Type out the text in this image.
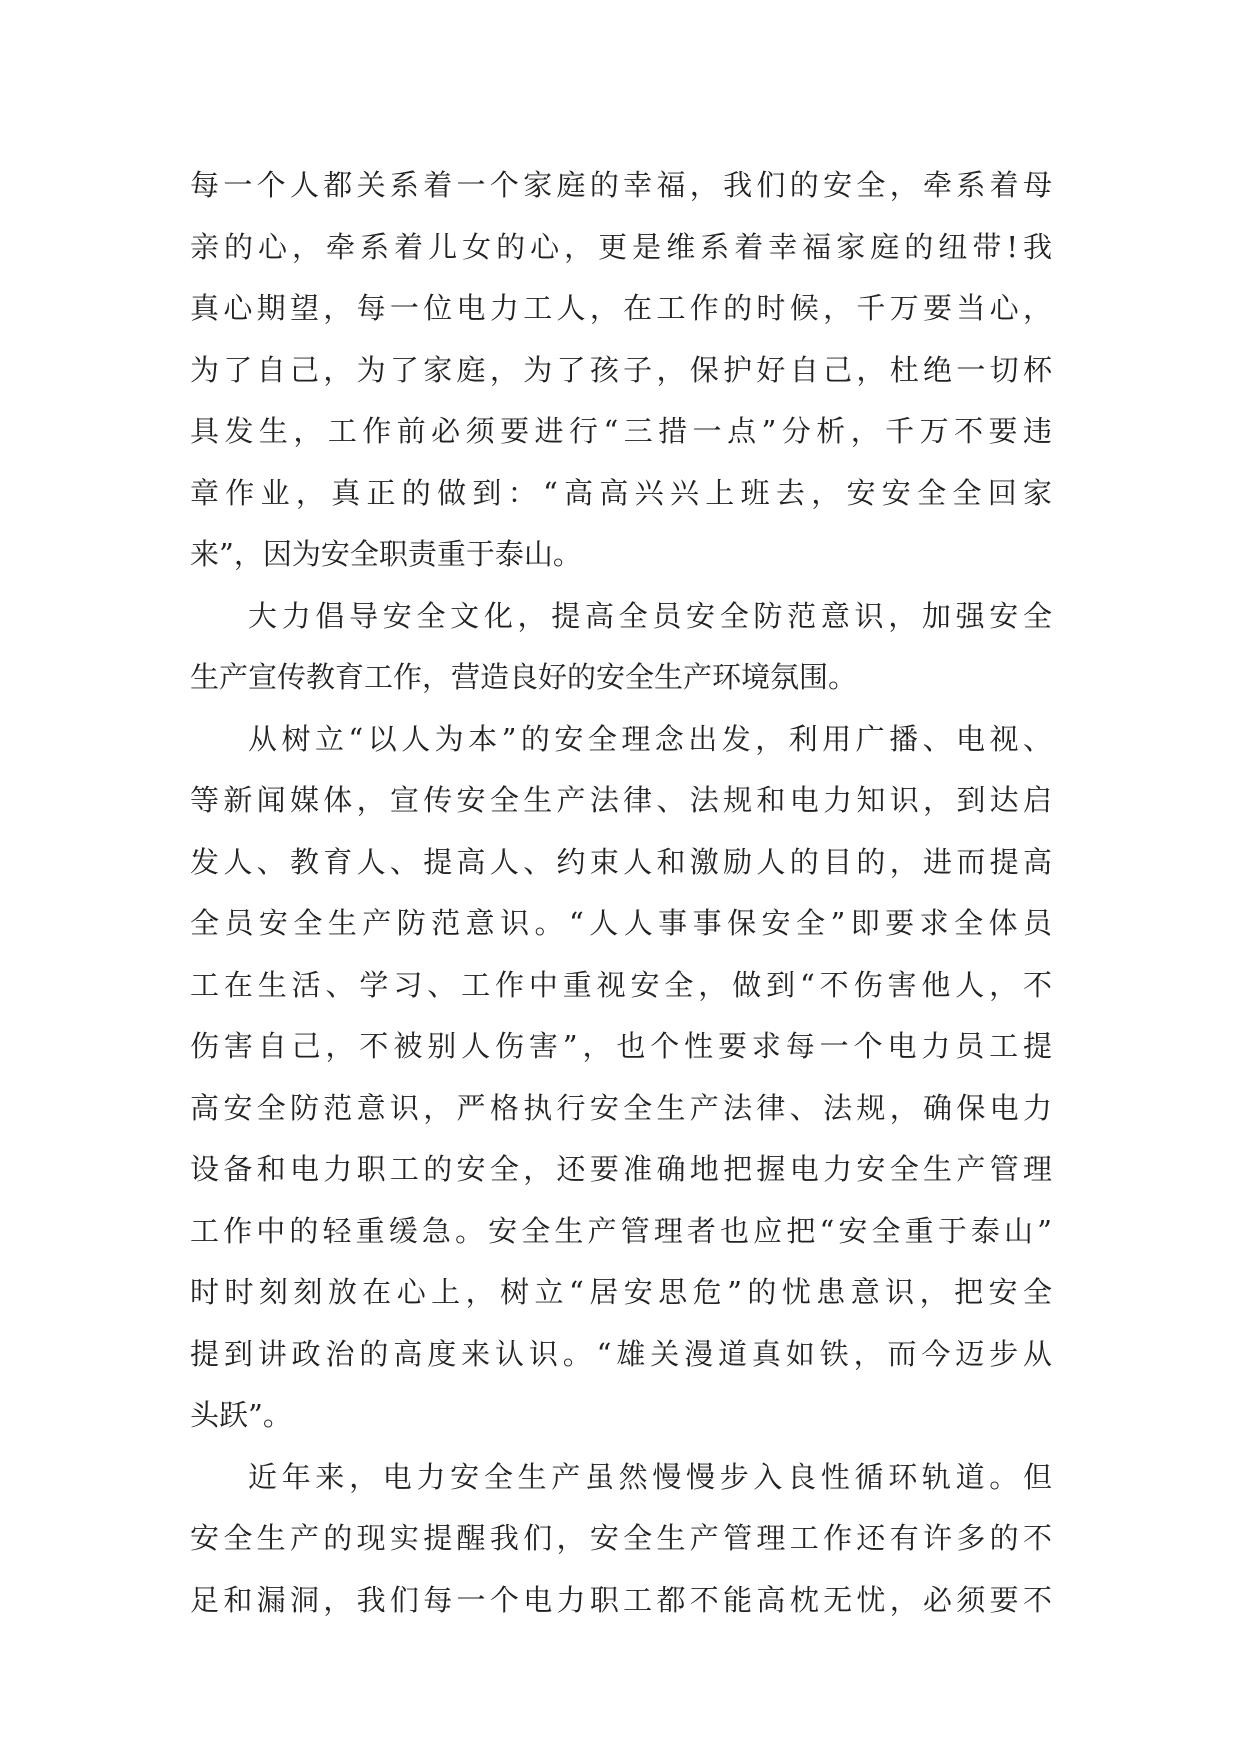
每一个人都关系着一个家庭的幸福，我们的安全，牵系着母
亲的心，牵系着儿女的心，更是维系着幸福家庭的纽带!我
真心期望，每一位电力工人，在工作的时候，千万要当心，
为了自己，为了家庭，为了孩子，保护好自己，杜绝一切杯
具发生，工作前必须要进行“三措一点”分析，千万不要违
章作业，真正的做到：“高高兴兴上班去，安安全全回家
来”，因为安全职责重于泰山。
大力倡导安全文化，提高全员安全防范意识，加强安全
生产宣传教育工作，营造良好的安全生产环境氛围。
从树立“以人为本”的安全理念出发，利用广播、电视、
等新闻媒体，宣传安全生产法律、法规和电力知识，到达启
发人、教育人、提高人、约束人和激励人的目的，进而提高
全员安全生产防范意识。“人人事事保安全”即要求全体员
工在生活、学习、工作中重视安全，做到“不伤害他人，不
伤害自己，不被别人伤害”，也个性要求每一个电力员工提
高安全防范意识，严格执行安全生产法律、法规，确保电力
设备和电力职工的安全，还要准确地把握电力安全生产管理
工作中的轻重缓急。安全生产管理者也应把“安全重于泰山”
时时刻刻放在心上，树立“居安思危”的忧患意识，把安全
提到讲政治的高度来认识。“雄关漫道真如铁，而今迈步从
头跃”。
近年来，电力安全生产虽然慢慢步入良性循环轨道。但
安全生产的现实提醒我们，安全生产管理工作还有许多的不
足和漏洞，我们每一个电力职工都不能高枕无忧，必须要不
